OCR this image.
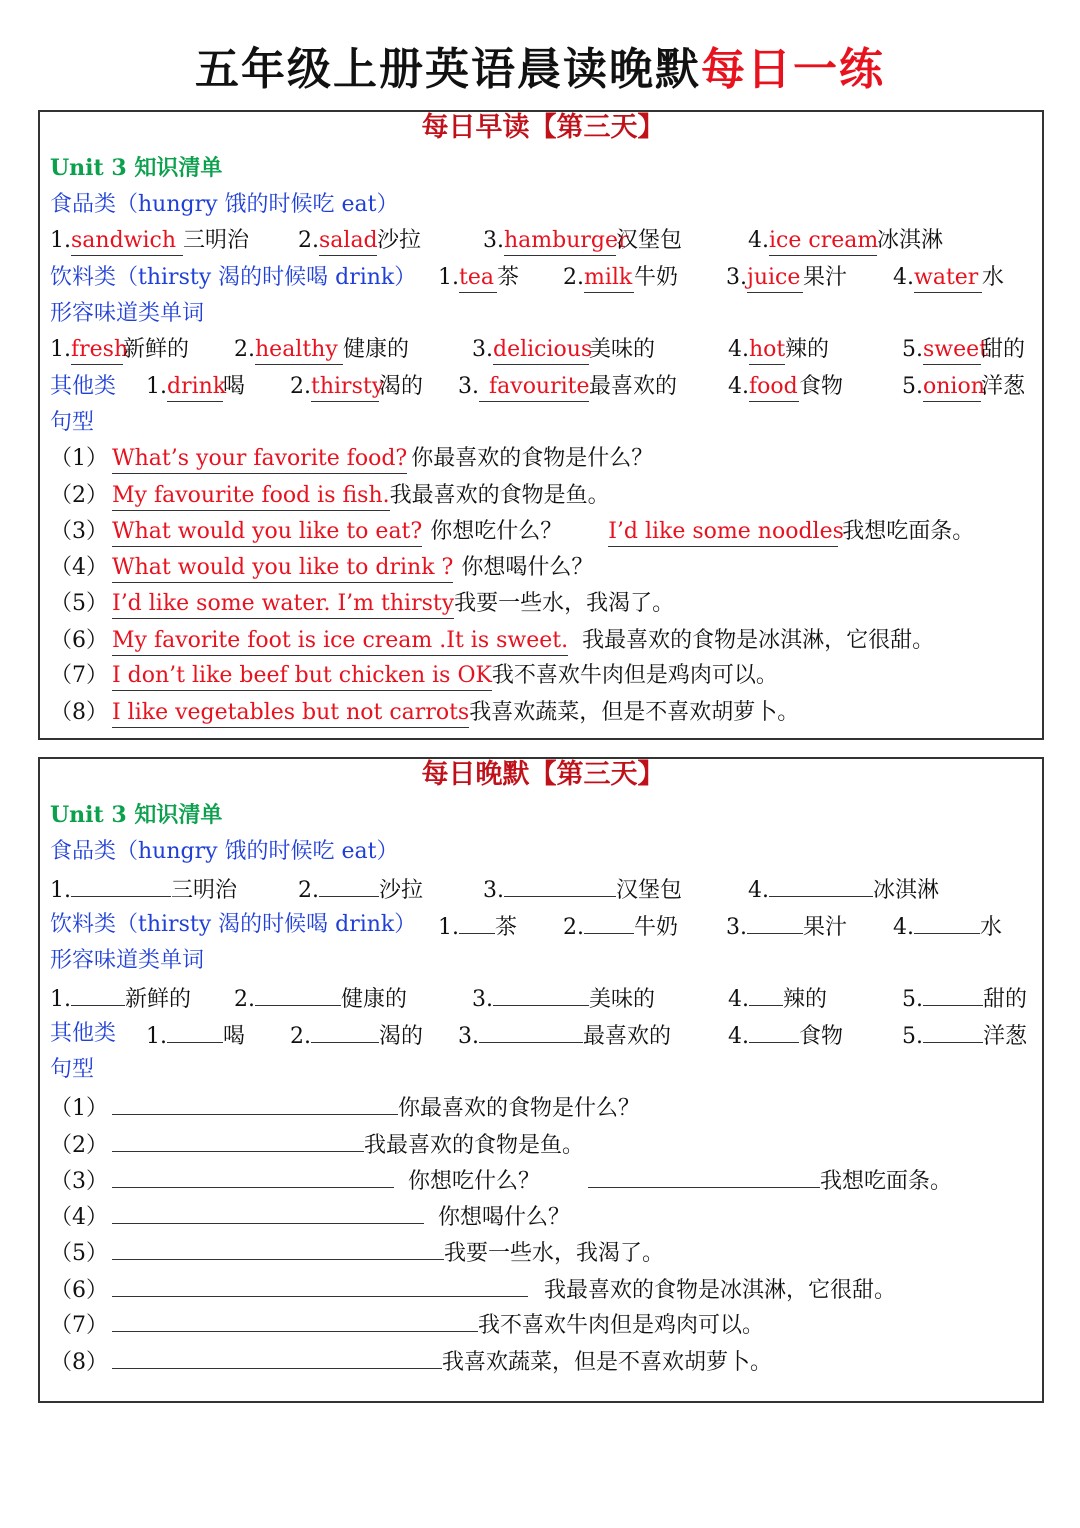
五年级上册英语晨读晚默每日一练
每日早读【第三天】
Unit 3 知识清单
食品类（hungry 饿的时候吃 eat）
1.sandwich 三明治 2.salad沙拉	3.hamburger汉堡包	4.ice cream冰淇淋
饮料类（thirsty 渴的时候喝 drink） 1.tea 茶 2.milk牛奶 3.juice 果汁 4.water 水
形容味道类单词
1.fresh新鲜的 2.healthy 健康的	3.delicious美味的	4.hot辣的	5.sweet甜的
其他类 1.drink喝 2.thirsty渴的 3. favourite最喜欢的 4.food食物	5.onion洋葱
句型
（1） What’s your favorite food? 你最喜欢的食物是什么？
（2） My favourite food is fish.我最喜欢的食物是鱼。
（3） What would you like to eat? 你想吃什么？ I’d like some noodles我想吃面条。
（4） What would you like to drink ? 你想喝什么？
（5） I’d like some water. I’m thirsty我要一些水，我渴了。
（6） My favorite foot is ice cream .It is sweet. 我最喜欢的食物是冰淇淋，它很甜。
（7） I don’t like beef but chicken is OK我不喜欢牛肉但是鸡肉可以。
（8） I like vegetables but not carrots我喜欢蔬菜，但是不喜欢胡萝卜。
每日晚默【第三天】
Unit 3 知识清单
食品类（hungry 饿的时候吃 eat）
1.	三明治	2.	沙拉	3.	汉堡包	4.	冰淇淋
饮料类（thirsty 渴的时候喝 drink） 1. 茶 2. 牛奶 3.	果汁 4.	水
形容味道类单词
1. 新鲜的 2.	健康的	3.	美味的	4. 辣的	5.	甜的
其他类 1.	喝 2.	渴的 3.	最喜欢的	4. 食物	5.	洋葱
句型
（1）	你最喜欢的食物是什么？
（2）	我最喜欢的食物是鱼。
（3）	你想吃什么？	我想吃面条。
（4）	你想喝什么？
（5）	我要一些水，我渴了。
（6）	我最喜欢的食物是冰淇淋，它很甜。
（7）	我不喜欢牛肉但是鸡肉可以。
（8）	我喜欢蔬菜，但是不喜欢胡萝卜。
